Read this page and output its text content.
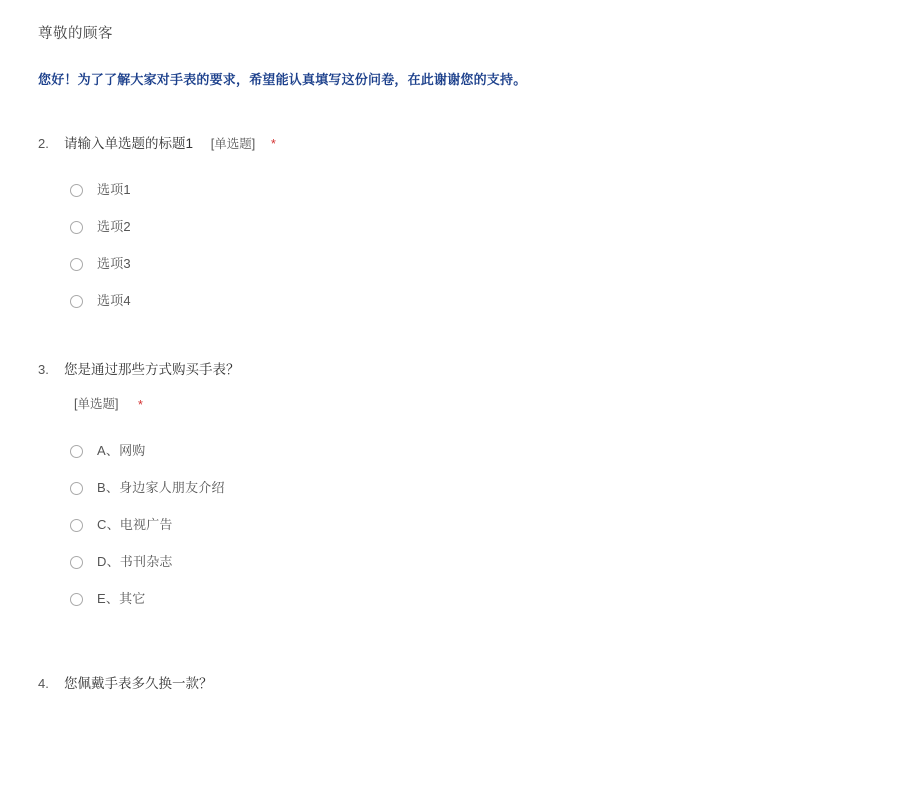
尊敬的顾客
您好！为了了解大家对手表的要求，希望能认真填写这份问卷，在此谢谢您的支持。
2.	请输入单选题的标题1 [单选题] *
选项1
选项2
选项3
选项4
3.	您是通过那些方式购买手表？
[单选题] *
A、网购
B、身边家人朋友介绍
C、电视广告
D、书刊杂志
E、其它
4.	您佩戴手表多久换一款？
